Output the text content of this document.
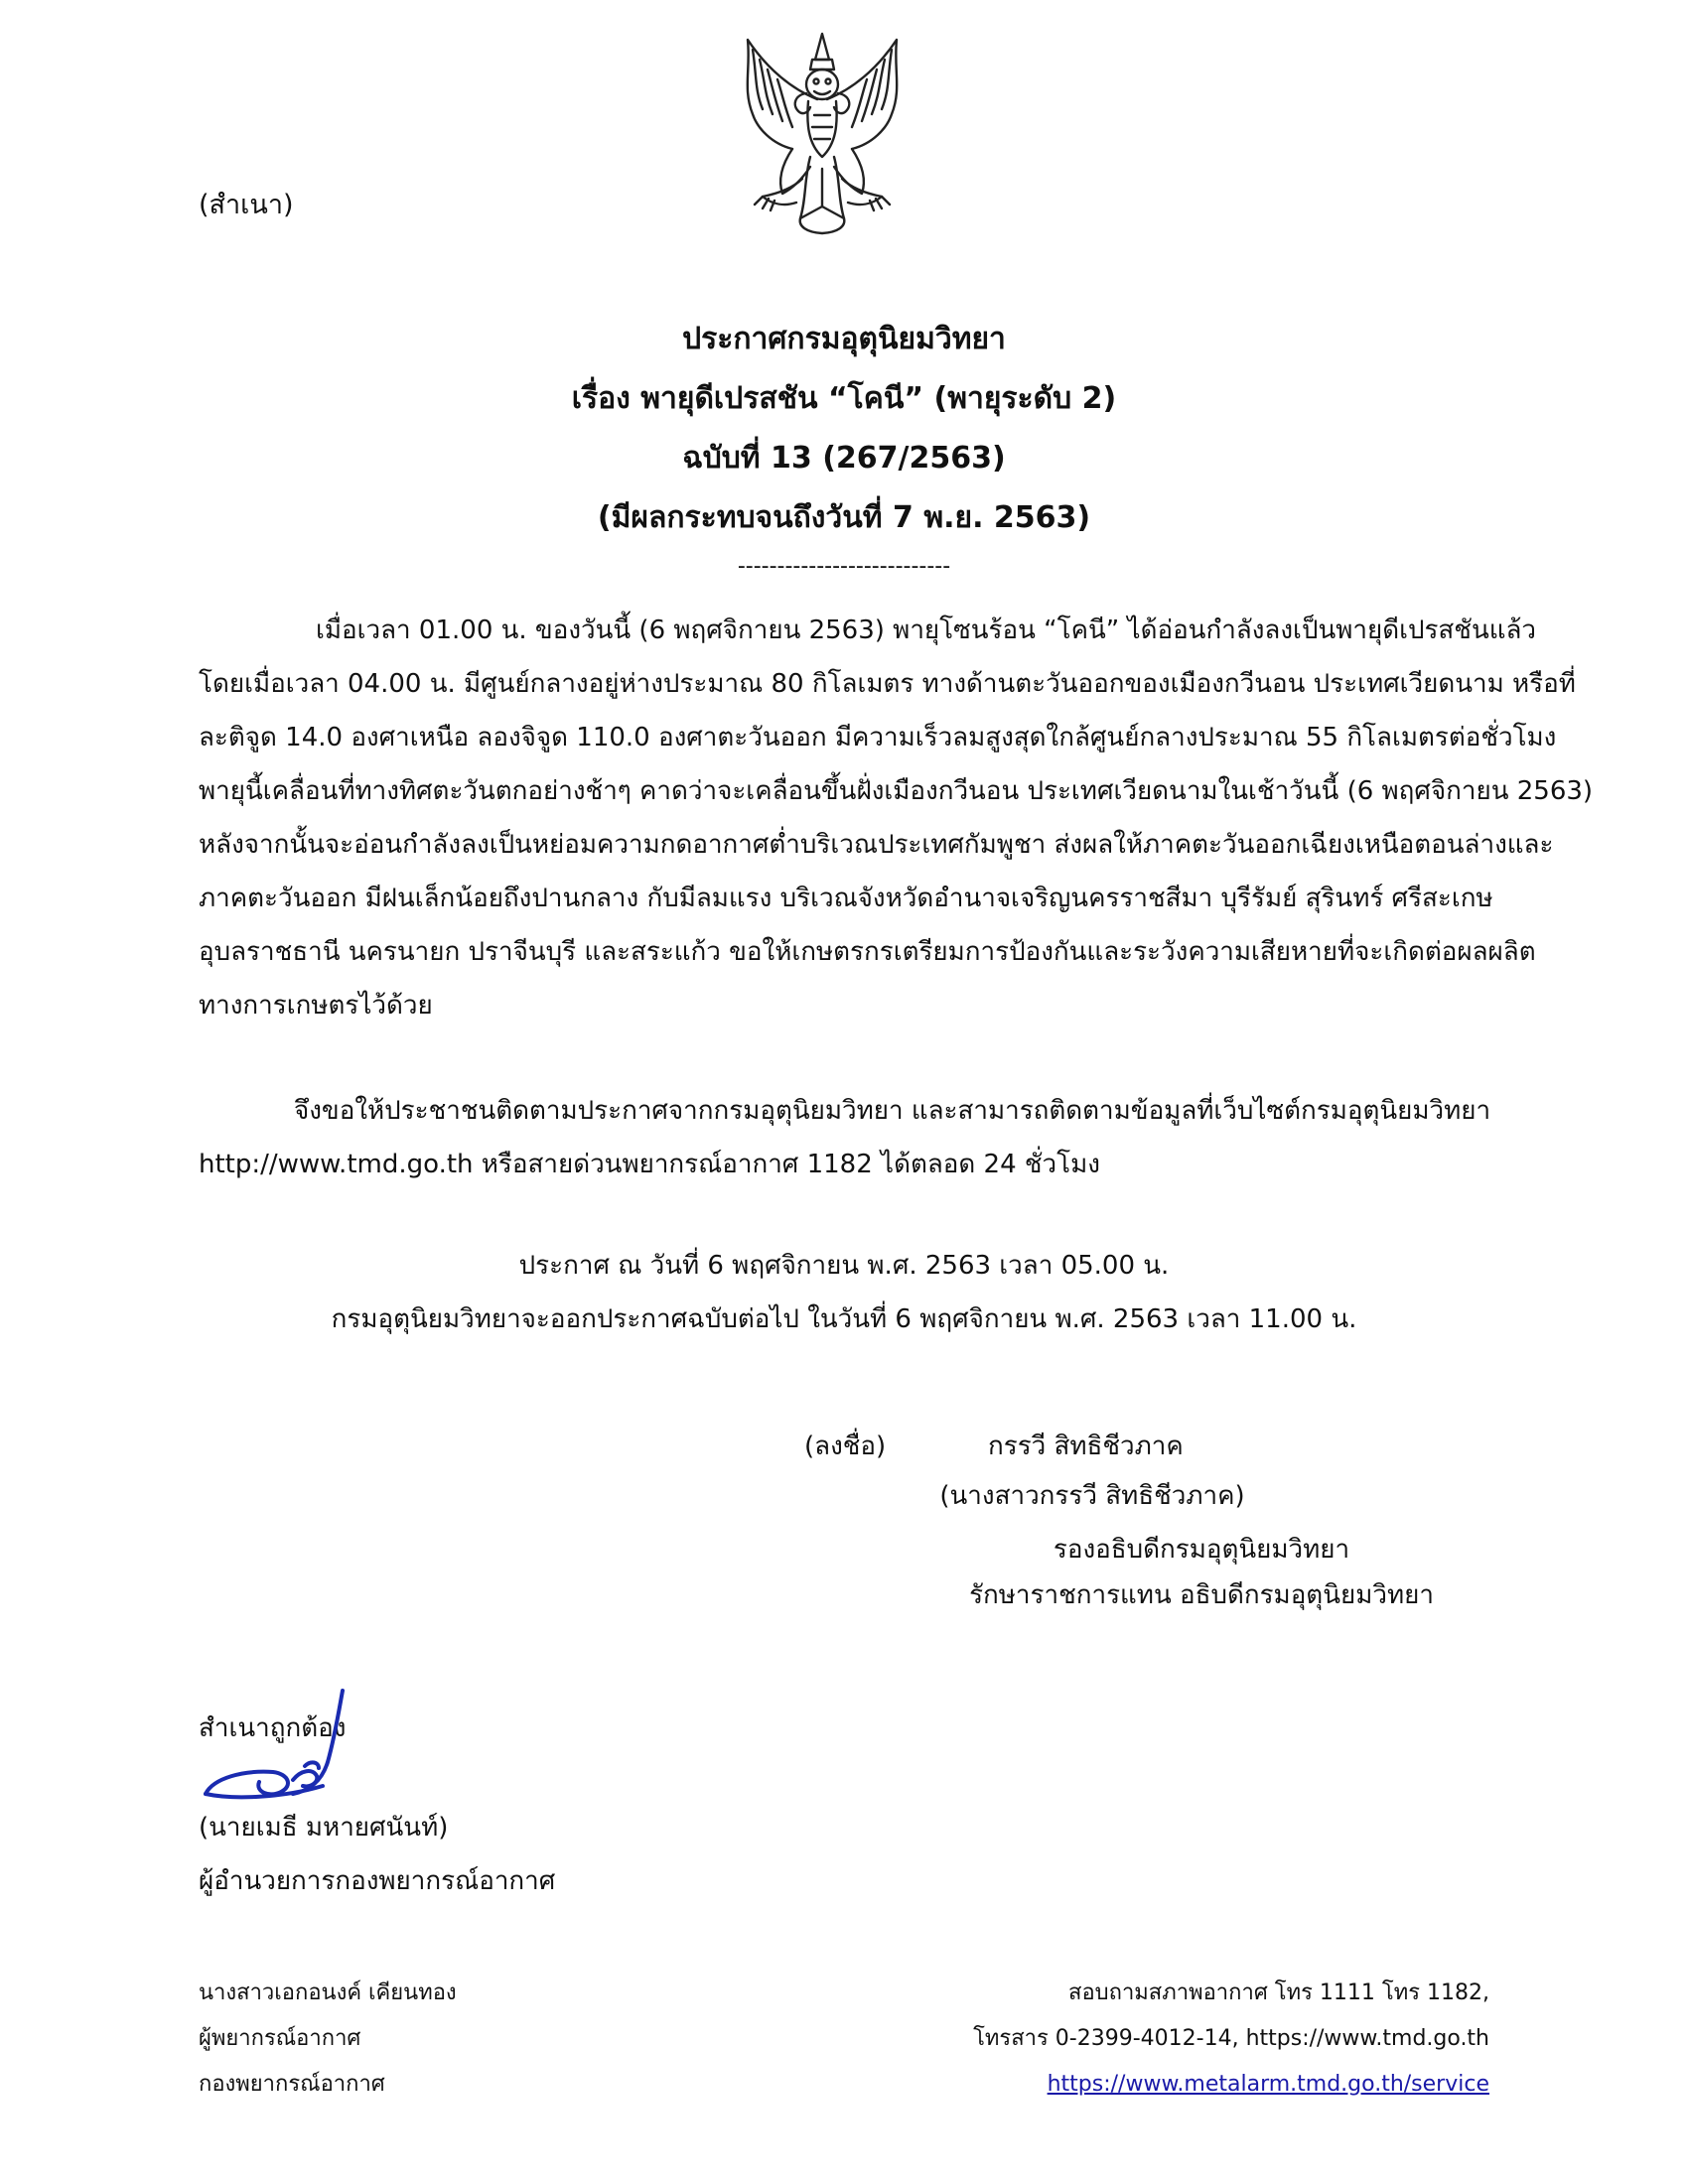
(สำเนา)
ประกาศกรมอุตุนิยมวิทยา
เรื่อง พายุดีเปรสชัน “โคนี” (พายุระดับ 2)
ฉบับที่ 13 (267/2563)
(มีผลกระทบจนถึงวันที่ 7 พ.ย. 2563)
---------------------------
เมื่อเวลา 01.00 น. ของวันนี้ (6 พฤศจิกายน 2563) พายุโซนร้อน “โคนี” ได้อ่อนกำลังลงเป็นพายุดีเปรสชันแล้ว
โดยเมื่อเวลา 04.00 น. มีศูนย์กลางอยู่ห่างประมาณ 80 กิโลเมตร ทางด้านตะวันออกของเมืองกวีนอน ประเทศเวียดนาม หรือที่
ละติจูด 14.0 องศาเหนือ ลองจิจูด 110.0 องศาตะวันออก มีความเร็วลมสูงสุดใกล้ศูนย์กลางประมาณ 55 กิโลเมตรต่อชั่วโมง
พายุนี้เคลื่อนที่ทางทิศตะวันตกอย่างช้าๆ คาดว่าจะเคลื่อนขึ้นฝั่งเมืองกวีนอน ประเทศเวียดนามในเช้าวันนี้ (6 พฤศจิกายน 2563)
หลังจากนั้นจะอ่อนกำลังลงเป็นหย่อมความกดอากาศต่ำบริเวณประเทศกัมพูชา ส่งผลให้ภาคตะวันออกเฉียงเหนือตอนล่างและ
ภาคตะวันออก มีฝนเล็กน้อยถึงปานกลาง กับมีลมแรง บริเวณจังหวัดอำนาจเจริญนครราชสีมา บุรีรัมย์ สุรินทร์ ศรีสะเกษ
อุบลราชธานี นครนายก ปราจีนบุรี และสระแก้ว ขอให้เกษตรกรเตรียมการป้องกันและระวังความเสียหายที่จะเกิดต่อผลผลิต
ทางการเกษตรไว้ด้วย
จึงขอให้ประชาชนติดตามประกาศจากกรมอุตุนิยมวิทยา และสามารถติดตามข้อมูลที่เว็บไซต์กรมอุตุนิยมวิทยา
http://www.tmd.go.th หรือสายด่วนพยากรณ์อากาศ 1182 ได้ตลอด 24 ชั่วโมง
ประกาศ ณ วันที่ 6 พฤศจิกายน พ.ศ. 2563 เวลา 05.00 น.
กรมอุตุนิยมวิทยาจะออกประกาศฉบับต่อไป ในวันที่ 6 พฤศจิกายน พ.ศ. 2563 เวลา 11.00 น.
(ลงชื่อ)	กรรวี สิทธิชีวภาค
(นางสาวกรรวี สิทธิชีวภาค)
รองอธิบดีกรมอุตุนิยมวิทยา
รักษาราชการแทน อธิบดีกรมอุตุนิยมวิทยา
สำเนาถูกต้อง
(นายเมธี มหายศนันท์)
ผู้อำนวยการกองพยากรณ์อากาศ
นางสาวเอกอนงค์ เคียนทอง
ผู้พยากรณ์อากาศ
กองพยากรณ์อากาศ
สอบถามสภาพอากาศ โทร 1111 โทร 1182,
โทรสาร 0-2399-4012-14, https://www.tmd.go.th
https://www.metalarm.tmd.go.th/service
